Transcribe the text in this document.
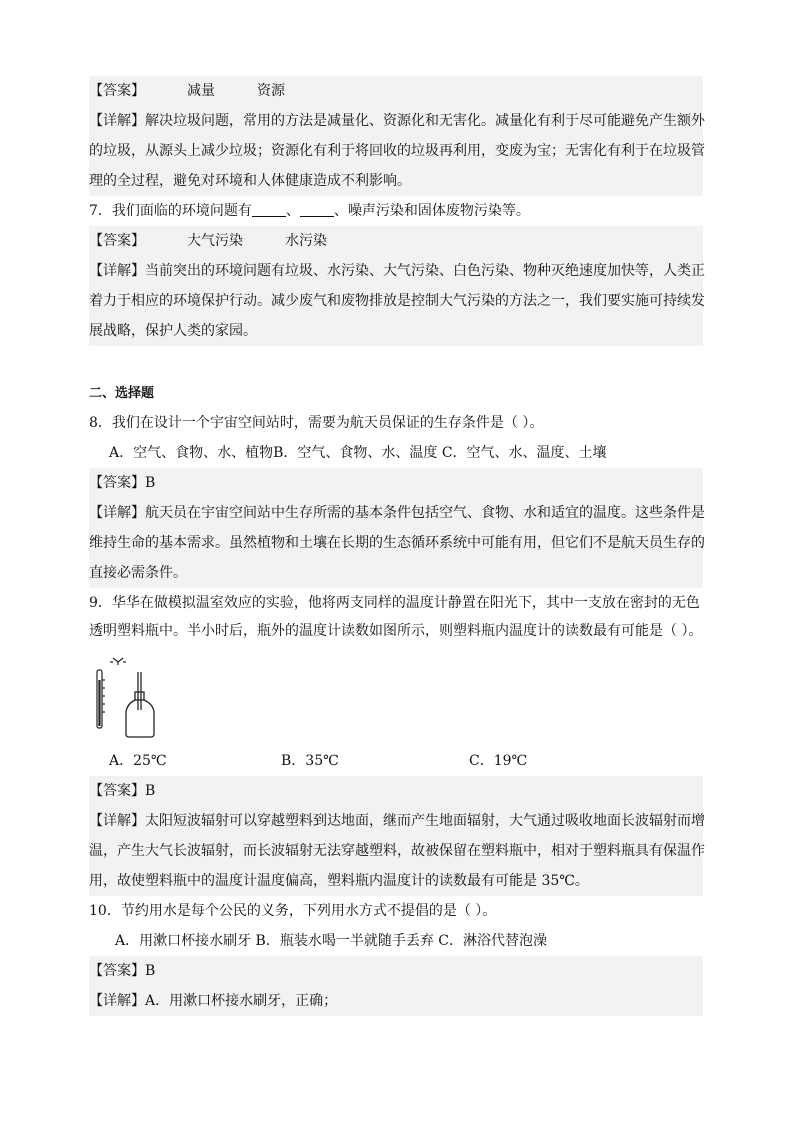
【答案】	减量	资源
【详解】解决垃圾问题，常用的方法是减量化、资源化和无害化。减量化有利于尽可能避免产生额外
的垃圾，从源头上减少垃圾；资源化有利于将回收的垃圾再利用，变废为宝；无害化有利于在垃圾管
理的全过程，避免对环境和人体健康造成不利影响。
7．我们面临的环境问题有 、 、噪声污染和固体废物污染等。
【答案】	大气污染	水污染
【详解】当前突出的环境问题有垃圾、水污染、大气污染、白色污染、物种灭绝速度加快等，人类正
着力于相应的环境保护行动。减少废气和废物排放是控制大气污染的方法之一，我们要实施可持续发
展战略，保护人类的家园。
二、选择题
8．我们在设计一个宇宙空间站时，需要为航天员保证的生存条件是（ ）。
A．空气、食物、水、植物B．空气、食物、水、温度 C．空气、水、温度、土壤
【答案】B
【详解】航天员在宇宙空间站中生存所需的基本条件包括空气、食物、水和适宜的温度。这些条件是
维持生命的基本需求。虽然植物和土壤在长期的生态循环系统中可能有用，但它们不是航天员生存的
直接必需条件。
9．华华在做模拟温室效应的实验，他将两支同样的温度计静置在阳光下，其中一支放在密封的无色
透明塑料瓶中。半小时后，瓶外的温度计读数如图所示，则塑料瓶内温度计的读数最有可能是（ ）。
A．25℃	B．35℃	C．19℃
【答案】B
【详解】太阳短波辐射可以穿越塑料到达地面，继而产生地面辐射，大气通过吸收地面长波辐射而增
温，产生大气长波辐射，而长波辐射无法穿越塑料，故被保留在塑料瓶中，相对于塑料瓶具有保温作
用，故使塑料瓶中的温度计温度偏高，塑料瓶内温度计的读数最有可能是 35℃。
10．节约用水是每个公民的义务，下列用水方式不提倡的是（ ）。
A．用漱口杯接水刷牙 B．瓶装水喝一半就随手丢弃 C．淋浴代替泡澡
【答案】B
【详解】A．用漱口杯接水刷牙，正确；
